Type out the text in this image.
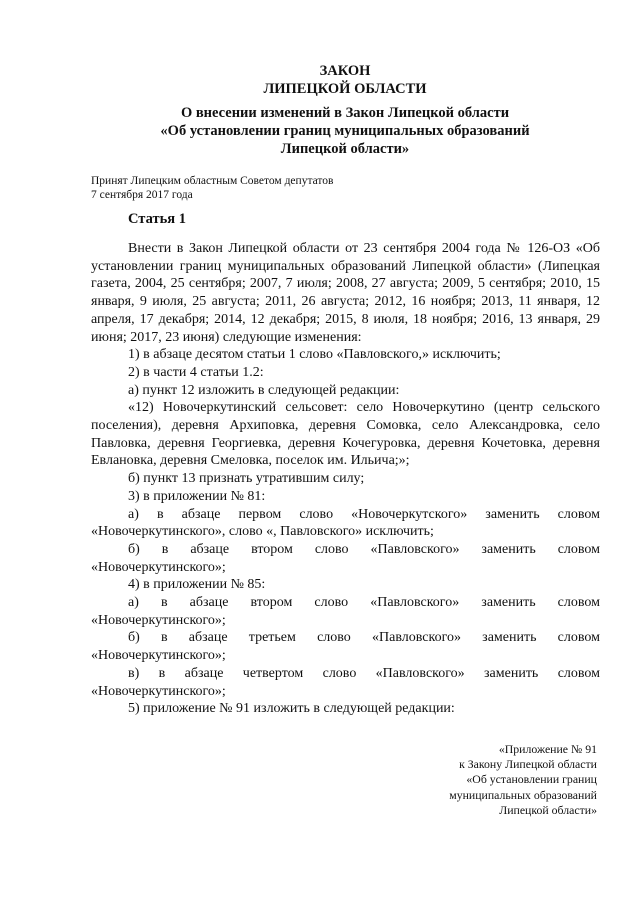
ЗАКОН
ЛИПЕЦКОЙ ОБЛАСТИ
О внесении изменений в Закон Липецкой области
«Об установлении границ муниципальных образований
Липецкой области»
Принят Липецким областным Советом депутатов
7 сентября 2017 года
Статья 1
Внести в Закон Липецкой области от 23 сентября 2004 года № 126-ОЗ «Об установлении границ муниципальных образований Липецкой области» (Липецкая газета, 2004, 25 сентября; 2007, 7 июля; 2008, 27 августа; 2009, 5 сентября; 2010, 15 января, 9 июля, 25 августа; 2011, 26 августа; 2012, 16 ноября; 2013, 11 января, 12 апреля, 17 декабря; 2014, 12 декабря; 2015, 8 июля, 18 ноября; 2016, 13 января, 29 июня; 2017, 23 июня) следующие изменения:
1) в абзаце десятом статьи 1 слово «Павловского,» исключить;
2) в части 4 статьи 1.2:
а) пункт 12 изложить в следующей редакции:
«12) Новочеркутинский сельсовет: село Новочеркутино (центр сельского поселения), деревня Архиповка, деревня Сомовка, село Александровка, село Павловка, деревня Георгиевка, деревня Кочегуровка, деревня Кочетовка, деревня Евлановка, деревня Смеловка, поселок им. Ильича;»;
б) пункт 13 признать утратившим силу;
3) в приложении № 81:
а) в абзаце первом слово «Новочеркутского» заменить словом «Новочеркутинского», слово «, Павловского» исключить;
б) в абзаце втором слово «Павловского» заменить словом «Новочеркутинского»;
4) в приложении № 85:
а) в абзаце втором слово «Павловского» заменить словом «Новочеркутинского»;
б) в абзаце третьем слово «Павловского» заменить словом «Новочеркутинского»;
в) в абзаце четвертом слово «Павловского» заменить словом «Новочеркутинского»;
5) приложение № 91 изложить в следующей редакции:
«Приложение № 91
к Закону Липецкой области
«Об установлении границ
муниципальных образований
Липецкой области»
